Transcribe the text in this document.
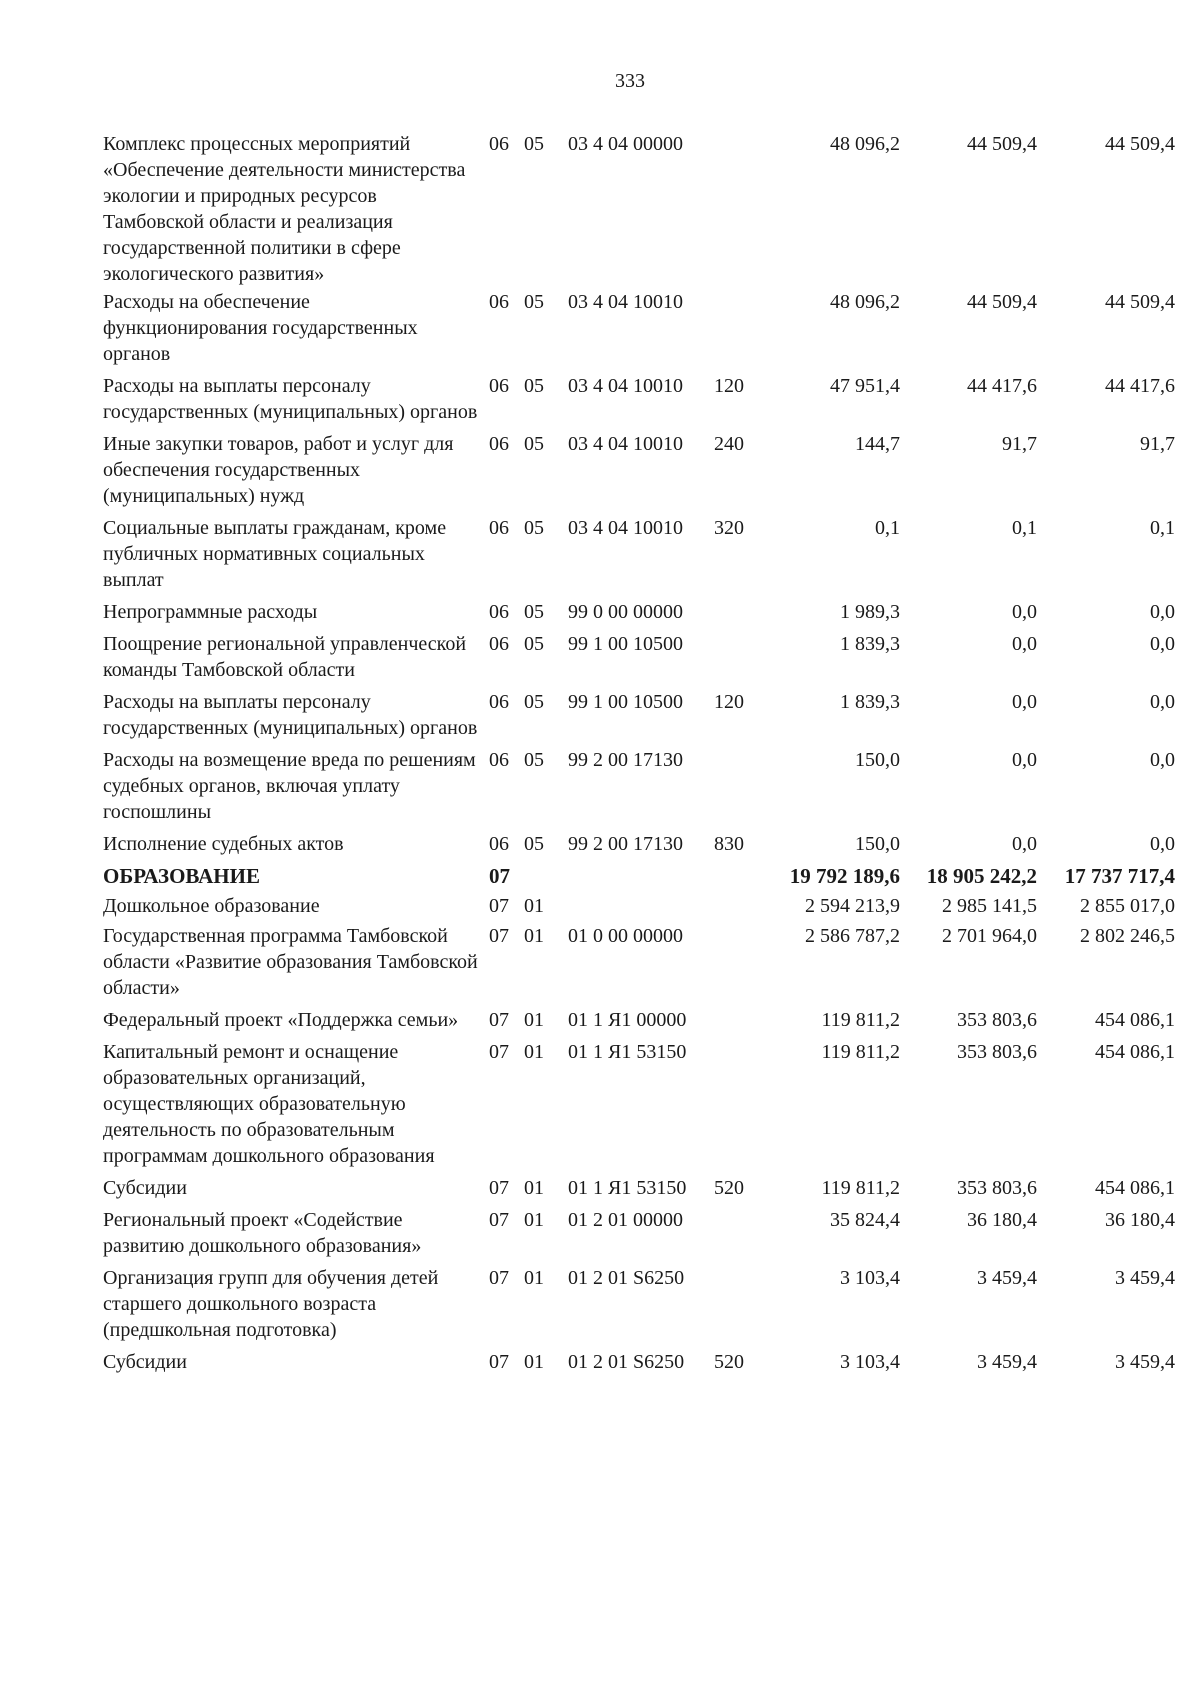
333
Комплекс процессных мероприятий «Обеспечение деятельности министерства экологии и природных ресурсов Тамбовской области и реализация государственной политики в сфере экологического развития»	06	05	03 4 04 00000		48 096,2	44 509,4	44 509,4
Расходы на обеспечение функционирования государственных органов	06	05	03 4 04 10010		48 096,2	44 509,4	44 509,4
Расходы на выплаты персоналу государственных (муниципальных) органов	06	05	03 4 04 10010	120	47 951,4	44 417,6	44 417,6
Иные закупки товаров, работ и услуг для обеспечения государственных (муниципальных) нужд	06	05	03 4 04 10010	240	144,7	91,7	91,7
Социальные выплаты гражданам, кроме публичных нормативных социальных выплат	06	05	03 4 04 10010	320	0,1	0,1	0,1
Непрограммные расходы	06	05	99 0 00 00000		1 989,3	0,0	0,0
Поощрение региональной управленческой команды Тамбовской области	06	05	99 1 00 10500		1 839,3	0,0	0,0
Расходы на выплаты персоналу государственных (муниципальных) органов	06	05	99 1 00 10500	120	1 839,3	0,0	0,0
Расходы на возмещение вреда по решениям судебных органов, включая уплату госпошлины	06	05	99 2 00 17130		150,0	0,0	0,0
Исполнение судебных актов	06	05	99 2 00 17130	830	150,0	0,0	0,0
ОБРАЗОВАНИЕ	07				19 792 189,6	18 905 242,2	17 737 717,4
Дошкольное образование	07	01			2 594 213,9	2 985 141,5	2 855 017,0
Государственная программа Тамбовской области «Развитие образования Тамбовской области»	07	01	01 0 00 00000		2 586 787,2	2 701 964,0	2 802 246,5
Федеральный проект «Поддержка семьи»	07	01	01 1 Я1 00000		119 811,2	353 803,6	454 086,1
Капитальный ремонт и оснащение образовательных организаций, осуществляющих образовательную деятельность по образовательным программам дошкольного образования	07	01	01 1 Я1 53150		119 811,2	353 803,6	454 086,1
Субсидии	07	01	01 1 Я1 53150	520	119 811,2	353 803,6	454 086,1
Региональный проект «Содействие развитию дошкольного образования»	07	01	01 2 01 00000		35 824,4	36 180,4	36 180,4
Организация групп для обучения детей старшего дошкольного возраста (предшкольная подготовка)	07	01	01 2 01 S6250		3 103,4	3 459,4	3 459,4
Субсидии	07	01	01 2 01 S6250	520	3 103,4	3 459,4	3 459,4
